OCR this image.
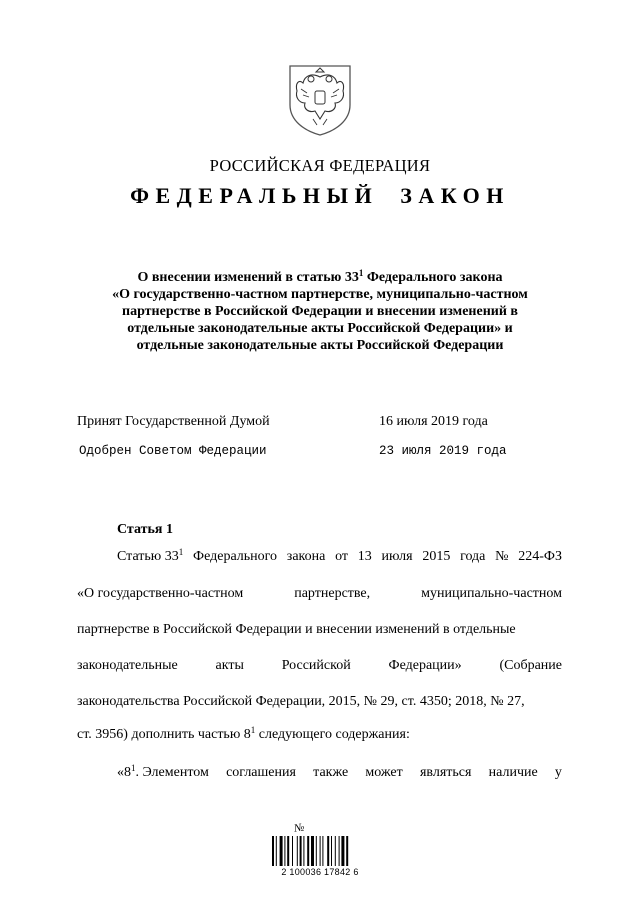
РОССИЙСКАЯ ФЕДЕРАЦИЯ
ФЕДЕРАЛЬНЫЙ ЗАКОН
О внесении изменений в статью $33^1$ Федерального закона
«О государственно-частном партнерстве, муниципально-частном
партнерстве в Российской Федерации и внесении изменений в
отдельные законодательные акты Российской Федерации» и
отдельные законодательные акты Российской Федерации
Принят Государственной Думой	16 июля 2019 года
Одобрен Советом Федерации	23 июля 2019 года
Статья 1
Статью $33^1$ Федерального закона от 13 июля 2015 года № 224-ФЗ
«О государственно-частном	партнерстве,	муниципально-частном
партнерстве в Российской Федерации и внесении изменений в отдельные
законодательные	акты	Российской	Федерации»	(Собрание
законодательства Российской Федерации, 2015, № 29, ст. 4350; 2018, № 27,
ст. 3956) дополнить частью $8^1$ следующего содержания:
«$8^1$. Элементом соглашения также может являться наличие у
№
2 100036 17842 6
